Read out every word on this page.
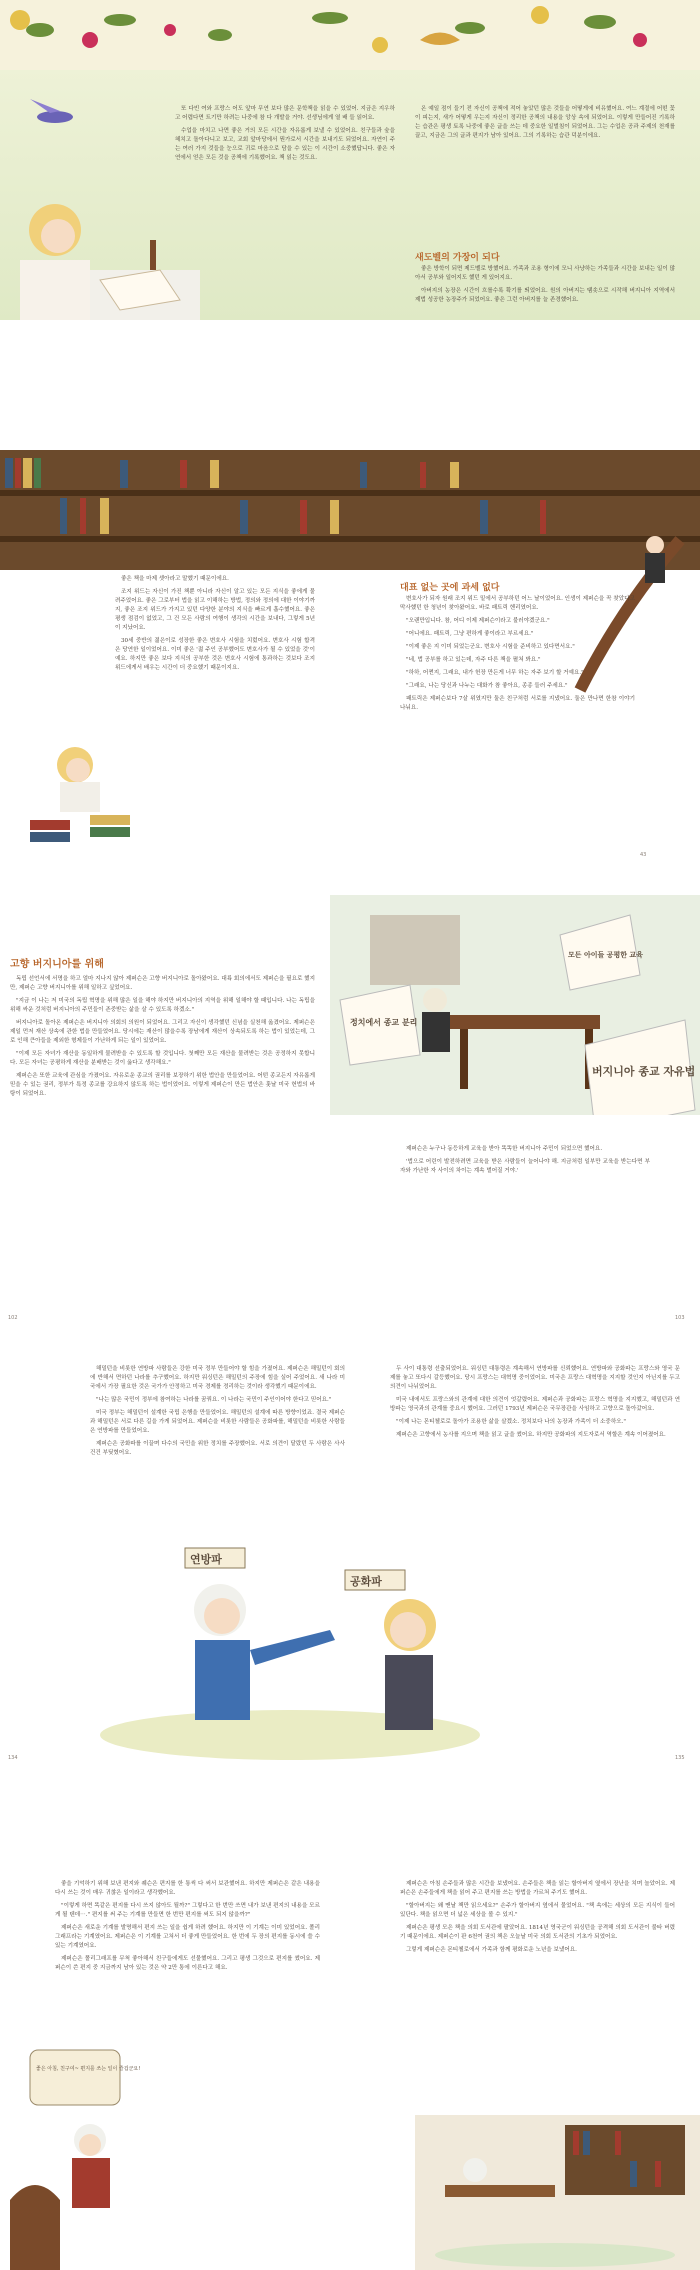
또 다빈 여와 프랑스 어도 앞마 무연 보다 많은 문학책을 읽을 수 있었어. 지금은 지우하고 어렵다면 트기만 하려는 나중에 참 다 개발을 거야. 선생님에게 열 배 들 읽어요.

수업을 마치고 나면 좋은 거의 모든 시간을 자유롭게 보낼 수 있었어요. 친구들과 숲을 헤치고 돌아다니고 보고, 교회 앞마당에서 뭔가로서 시간을 보내기도 되었어요. 자연이 주는 여러 가지 것들을 눈으로 귀로 마음으로 담을 수 있는 이 시간이 소중했답니다. 좋은 자연에서 얻은 모든 것을 공책에 기록했어요. 책 읽는 것도요.

온 예일 점이 들기 전 자신이 공책에 적어 놓았던 많은 것들을 어떻게에 비유했어요. 여느 계절에 어떤 꽃이 피는지, 새가 어떻게 우는지 자신이 정리한 공책의 내용을 앙상 속에 되었어요. 이렇게 만들어진 기록하는 습관은 평생 토록 나중에 좋은 글을 쓰는 데 중요한 일벌침이 되었어요. 그는 수업은 공과 주제의 천재를 끌고, 지금은 그의 글과 편지가 남아 있어요. 그의 기록하는 습관 덕분이에요.

새도벨의 가장이 되다

좋은 방학이 되면 제드벨로 방했어요. 가족과 조용 형이에 모니 사냥하는 가족들과 시간을 보내는 일이 많아서 공부와 일어지도 했던 게 있어지요.

아버지의 농장은 시간이 흐를수록 확기를 띄었어요. 원의 아버지는 땜솟으로 시작해 버지니아 지역에서 제법 성공한 농장주가 되었어요. 좋은 그런 아버지를 늘 존경했어요.

좋은 책을 마제 셋아라고 말했기 때문이에요.

조지 위드는 자신이 가진 책뿐 아니라 자신이 알고 있는 모든 지식을 좋에게 물려주었어요. 좋은 그로부터 법을 읽고 이해하는 방법, 정의와 정의에 대한 이야기까지, 좋은 조지 위드가 가지고 있던 다양한 분야의 지식을 빠르게 흡수했어요. 좋은 평생 점검이 없었고, 그 건 모든 사람의 여행이 생각의 시간을 보내다, 그렇게 5년이 지났어요.

30세 중반의 젊은이로 성장한 좋은 변호사 시험을 치렀어요. 변호사 시험 합격은 당연한 일이었어요. 이미 좋은 '젊 주인 공부했어도 변호사가 될 수 있었을 것'이 예요. 하지만 좋은 보다 지식의 공부한 것은 변호사 시험에 통과하는 것보다 조지 위드에게서 배우는 시간이 더 중요했기 때문이지요.

대표 없는 곳에 과세 없다

변호사가 되자 원래 조지 위드 밑에서 공부하던 어느 날이었어요. 인생이 제퍼슨을 꼭 찾았다고 막사했던 한 청년이 찾아왔어요. 바로 패트릭 헨리였어요.

"오랜만입니다. 참, 어디 이제 제퍼슨이라고 불러야겠군요."

"어니에요. 패트릭, 그냥 편하게 좋이라고 부르세요."

"이제 좋은 지 이미 되었는군요. 변호사 시험을 준비하고 있다면서요."

"네, 법 공부를 하고 있는데, 자주 다른 책을 펼쳐 봐요."

"하하, 어쩐지, 그래요, 내가 헌장 만든게 너무 하는 자주 보기 할 거예요."

"그래요, 나는 당신과 나누는 대화가 참 좋아요, 종종 들러 주세요."

패트릭은 제퍼슨보다 7살 위였지만 둘은 친구처럼 서로를 지냈어요. 둘은 만나면 한참 이야기 나눠요.

43
고향 버지니아를 위해

독립 선언서에 서명을 하고 얼마 지나지 않아 제퍼슨은 고향 버지니아로 돌아왔어요. 대륙 회의에서도 제퍼슨을 필요로 했지만, 제퍼슨 고향 버지니아를 위해 일하고 싶었어요.

"지금 이 나는 저 미국의 독립 혁명을 위해 많은 일을 해야 하지만 버지니아의 지역을 위해 일해야 할 때입니다. 나는 독립을 위해 싸운 것처럼 버지니아의 주민들이 존중받는 삶을 살 수 있도록 하겠소."

버지니아로 돌아온 제퍼슨은 버지니아 의회의 의원이 되었어요. 그리고 자신이 생각했던 신념을 실천해 옮겼어요. 제퍼슨은 제일 먼저 재산 상속에 관한 법을 만들었어요. 당시에는 재산이 많을수록 장남에게 재산이 상속되도록 하는 법이 있었는데, 그로 인해 큰아들을 제외한 형제들이 가난하게 되는 일이 있었어요.

"이제 모든 자녀가 재산을 동일하게 물려받을 수 있도록 할 것입니다. 첫째만 모든 재산을 물려받는 것은 공정하지 못합니다. 모든 자녀는 공평하게 재산을 분배받는 것이 옳다고 생각해요."

제퍼슨은 또한 교육에 관심을 가졌어요. 자유로운 종교의 권리를 보장하기 위한 법안을 만들었어요. 어떤 종교든지 자유롭게 믿을 수 있는 권리, 정부가 특정 종교를 강요하지 않도록 하는 법이었어요. 이렇게 제퍼슨이 만든 법안은 훗날 미국 헌법의 바탕이 되었어요.

정치에서 종교 분리
모든 아이들 공평한 교육
버지니아 종교 자유법

제퍼슨은 누구나 동등하게 교육을 받아 똑똑한 버지니아 주민이 되었으면 했어요.

'법으로 어린이 발전하려면 교육을 받은 사람들이 늘어나야 해. 지금처럼 일부만 교육을 받는다면 부자와 가난한 자 사이의 차이는 계속 벌어질 거야.'

102	103

해밀턴을 비롯한 연방파 사람들은 강한 미국 정부 만들어야 할 힘을 가졌어요. 제퍼슨은 해밀턴이 회의에 반해서 면하던 나라를 추구했어요. 하지만 워싱턴은 해밀턴의 주장에 힘을 실어 주었어요. 새 나라 미국에서 가장 필요한 것은 국가가 안정하고 미국 경제를 정리하는 것이라 생각했기 때문이에요.

"나는 많은 국민이 정부에 참여하는 나라를 꿈꿔요. 이 나라는 국민이 주인이어야 한다고 믿어요."

미국 정부는 해밀턴이 설계한 국립 은행을 만들었어요. 해밀턴의 설계에 따른 방향이었죠. 결국 제퍼슨과 해밀턴은 서로 다른 길을 가게 되었어요. 제퍼슨을 비롯한 사람들은 공화파를, 해밀턴을 비롯한 사람들은 연방파를 만들었어요.

제퍼슨은 공화파를 이끌며 다수의 국민을 위한 정치를 주장했어요. 서로 의견이 달랐던 두 사람은 사사건건 부딪혔어요.

연방파
공화파

두 사이 대통령 선출되었어요. 워싱턴 대통령은 계속해서 연방파를 신뢰했어요. 연방파와 공화파는 프랑스와 영국 문제를 놓고 또다시 갈등했어요. 당시 프랑스는 대혁명 중이었어요. 미국은 프랑스 대혁명을 지지할 것인지 아닌지를 두고 의견이 나뉘었어요.

미국 내에서도 프랑스와의 관계에 대한 의견이 엇갈렸어요. 제퍼슨과 공화파는 프랑스 혁명을 지지했고, 해밀턴과 연방파는 영국과의 관계를 중요시 했어요. 그러던 1793년 제퍼슨은 국무장관을 사임하고 고향으로 돌아갔어요.

"이제 나는 몬티첼로로 돌아가 조용한 삶을 살겠소. 정치보다 나의 농장과 가족이 더 소중하오."

제퍼슨은 고향에서 농사를 지으며 책을 읽고 글을 썼어요. 하지만 공화파의 지도자로서 역할은 계속 이어졌어요.

134	135

좋을 기억하기 위해 보낸 편지와 퀘슨은 편지를 한 통씩 다 써서 보관했어요. 하지만 제퍼슨은 같은 내용을 다시 쓰는 것이 매우 귀찮은 일이라고 생각했어요.

"이렇게 하면 똑같은 편지를 다시 쓰지 않아도 될까?" 그렇다고 한 번만 쓰면 내가 보낸 편지의 내용을 모르게 될 텐데⋯." 편지를 써 주는 기계를 만들면 한 번만 편지를 써도 되지 않을까?"

제퍼슨은 새로운 기계를 발명해서 편지 쓰는 일을 쉽게 하려 했어요. 하지만 이 기계는 이미 있었어요. 폴리그래프라는 기계였어요. 제퍼슨은 이 기계를 고쳐서 더 좋게 만들었어요. 한 번에 두 장의 편지를 동시에 쓸 수 있는 기계였어요.

제퍼슨은 폴리그래프를 무척 좋아해서 친구들에게도 선물했어요. 그리고 평생 그것으로 편지를 썼어요. 제퍼슨이 쓴 편지 중 지금까지 남아 있는 것은 약 2만 통에 이른다고 해요.

좋은 아침, 친구여~ 편지를 쓰는 일이 즐겁군요!

제퍼슨은 아침 손주들과 많은 시간을 보냈어요. 손주들은 책을 읽는 할아버지 옆에서 장난을 치며 놀았어요. 제퍼슨은 손주들에게 책을 읽어 주고 편지를 쓰는 방법을 가르쳐 주기도 했어요.

"할아버지는 왜 맨날 책만 읽으세요?" 손주가 할아버지 옆에서 물었어요. "책 속에는 세상의 모든 지식이 들어 있단다. 책을 읽으면 더 넓은 세상을 볼 수 있지."

제퍼슨은 평생 모은 책을 의회 도서관에 팔았어요. 1814년 영국군이 워싱턴을 공격해 의회 도서관이 불타 버렸기 때문이에요. 제퍼슨이 판 6천여 권의 책은 오늘날 미국 의회 도서관의 기초가 되었어요.

그렇게 제퍼슨은 몬티첼로에서 가족과 함께 평화로운 노년을 보냈어요.
